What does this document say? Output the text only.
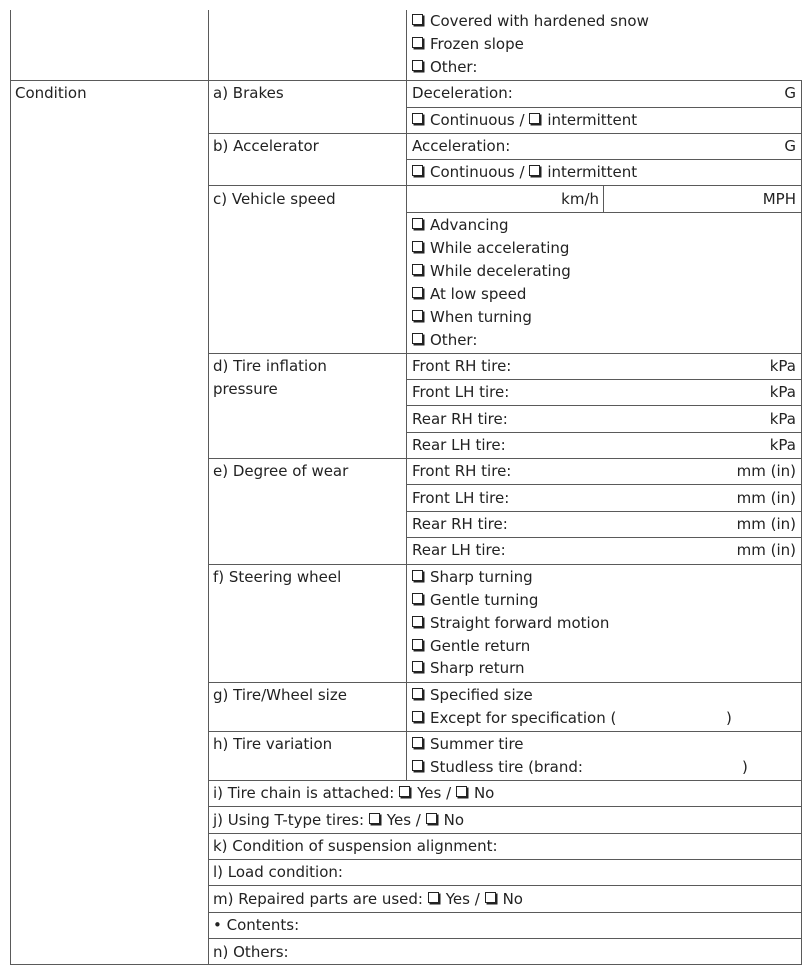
Covered with hardened snow
Frozen slope
Other:
Condition	a) Brakes	Deceleration:	G
Continuous / intermittent
b) Accelerator	Acceleration:	G
Continuous / intermittent
c) Vehicle speed	km/h	MPH
Advancing
While accelerating
While decelerating
At low speed
When turning
Other:
d) Tire inflation
pressure
Front RH tire:	kPa
Front LH tire:	kPa
Rear RH tire:	kPa
Rear LH tire:	kPa
e) Degree of wear	Front RH tire:	mm (in)
Front LH tire:	mm (in)
Rear RH tire:	mm (in)
Rear LH tire:	mm (in)
f) Steering wheel	Sharp turning
Gentle turning
Straight forward motion
Gentle return
Sharp return
g) Tire/Wheel size	Specified size
Except for specification (	)
h) Tire variation	Summer tire
Studless tire (brand:	)
i) Tire chain is attached: Yes / No
j) Using T-type tires: Yes / No
k) Condition of suspension alignment:
l) Load condition:
m) Repaired parts are used: Yes / No
• Contents:
n) Others:
